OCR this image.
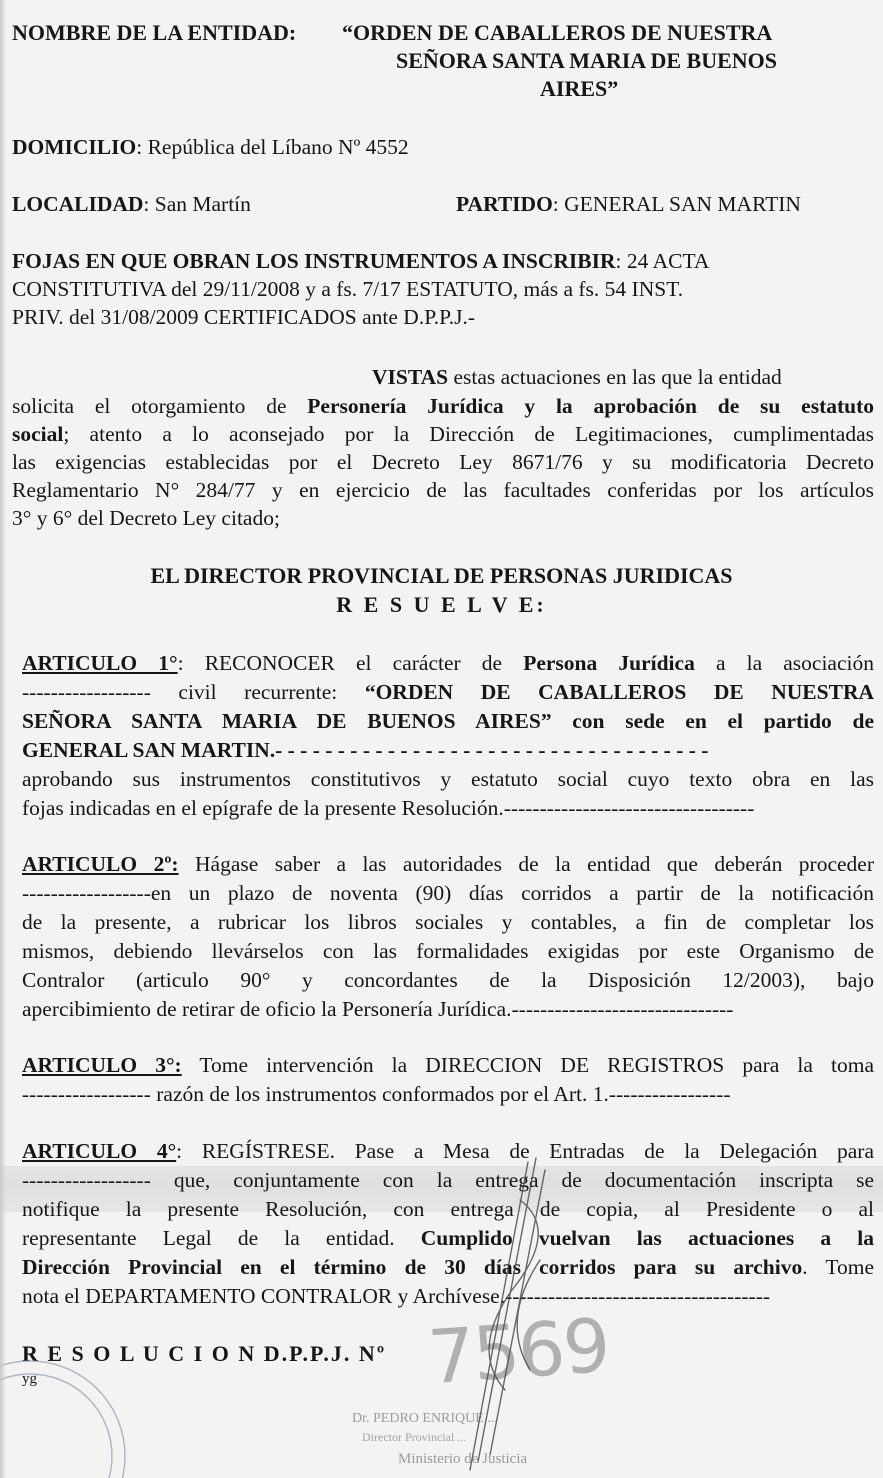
NOMBRE DE LA ENTIDAD: “ORDEN DE CABALLEROS DE NUESTRA
SEÑORA SANTA MARIA DE BUENOS
AIRES”
DOMICILIO: República del Líbano Nº 4552
LOCALIDAD: San Martín	PARTIDO: GENERAL SAN MARTIN
FOJAS EN QUE OBRAN LOS INSTRUMENTOS A INSCRIBIR: 24 ACTA
CONSTITUTIVA del 29/11/2008 y a fs. 7/17 ESTATUTO, más a fs. 54 INST.
PRIV. del 31/08/2009 CERTIFICADOS ante D.P.P.J.-
VISTAS estas actuaciones en las que la entidad
solicita el otorgamiento de Personería Jurídica y la aprobación de su estatuto
social; atento a lo aconsejado por la Dirección de Legitimaciones, cumplimentadas
las exigencias establecidas por el Decreto Ley 8671/76 y su modificatoria Decreto
Reglamentario N° 284/77 y en ejercicio de las facultades conferidas por los artículos
3° y 6° del Decreto Ley citado;
EL DIRECTOR PROVINCIAL DE PERSONAS JURIDICAS
R E S U E L V E:
ARTICULO 1°: RECONOCER el carácter de Persona Jurídica a la asociación
------------------ civil recurrente: “ORDEN DE CABALLEROS DE NUESTRA
SEÑORA SANTA MARIA DE BUENOS AIRES” con sede en el partido de
GENERAL SAN MARTIN.- - - - - - - - - - - - - - - - - - - - - - - - - - - - - - - - - - -
aprobando sus instrumentos constitutivos y estatuto social cuyo texto obra en las
fojas indicadas en el epígrafe de la presente Resolución.-----------------------------------
ARTICULO 2º: Hágase saber a las autoridades de la entidad que deberán proceder
------------------en un plazo de noventa (90) días corridos a partir de la notificación
de la presente, a rubricar los libros sociales y contables, a fin de completar los
mismos, debiendo llevárselos con las formalidades exigidas por este Organismo de
Contralor (articulo 90° y concordantes de la Disposición 12/2003), bajo
apercibimiento de retirar de oficio la Personería Jurídica.-------------------------------
ARTICULO 3°: Tome intervención la DIRECCION DE REGISTROS para la toma
------------------ razón de los instrumentos conformados por el Art. 1.-----------------
ARTICULO 4°: REGÍSTRESE. Pase a Mesa de Entradas de la Delegación para
------------------ que, conjuntamente con la entrega de documentación inscripta se
notifique la presente Resolución, con entrega de copia, al Presidente o al
representante Legal de la entidad. Cumplido vuelvan las actuaciones a la
Dirección Provincial en el término de 30 días corridos para su archivo. Tome
nota el DEPARTAMENTO CONTRALOR y Archívese.-------------------------------------
R E S O L U C I O N D.P.P.J. Nº
yg	7569
Dr. PEDRO ENRIQUE ...
Director Provincial ...
Ministerio de Justicia
